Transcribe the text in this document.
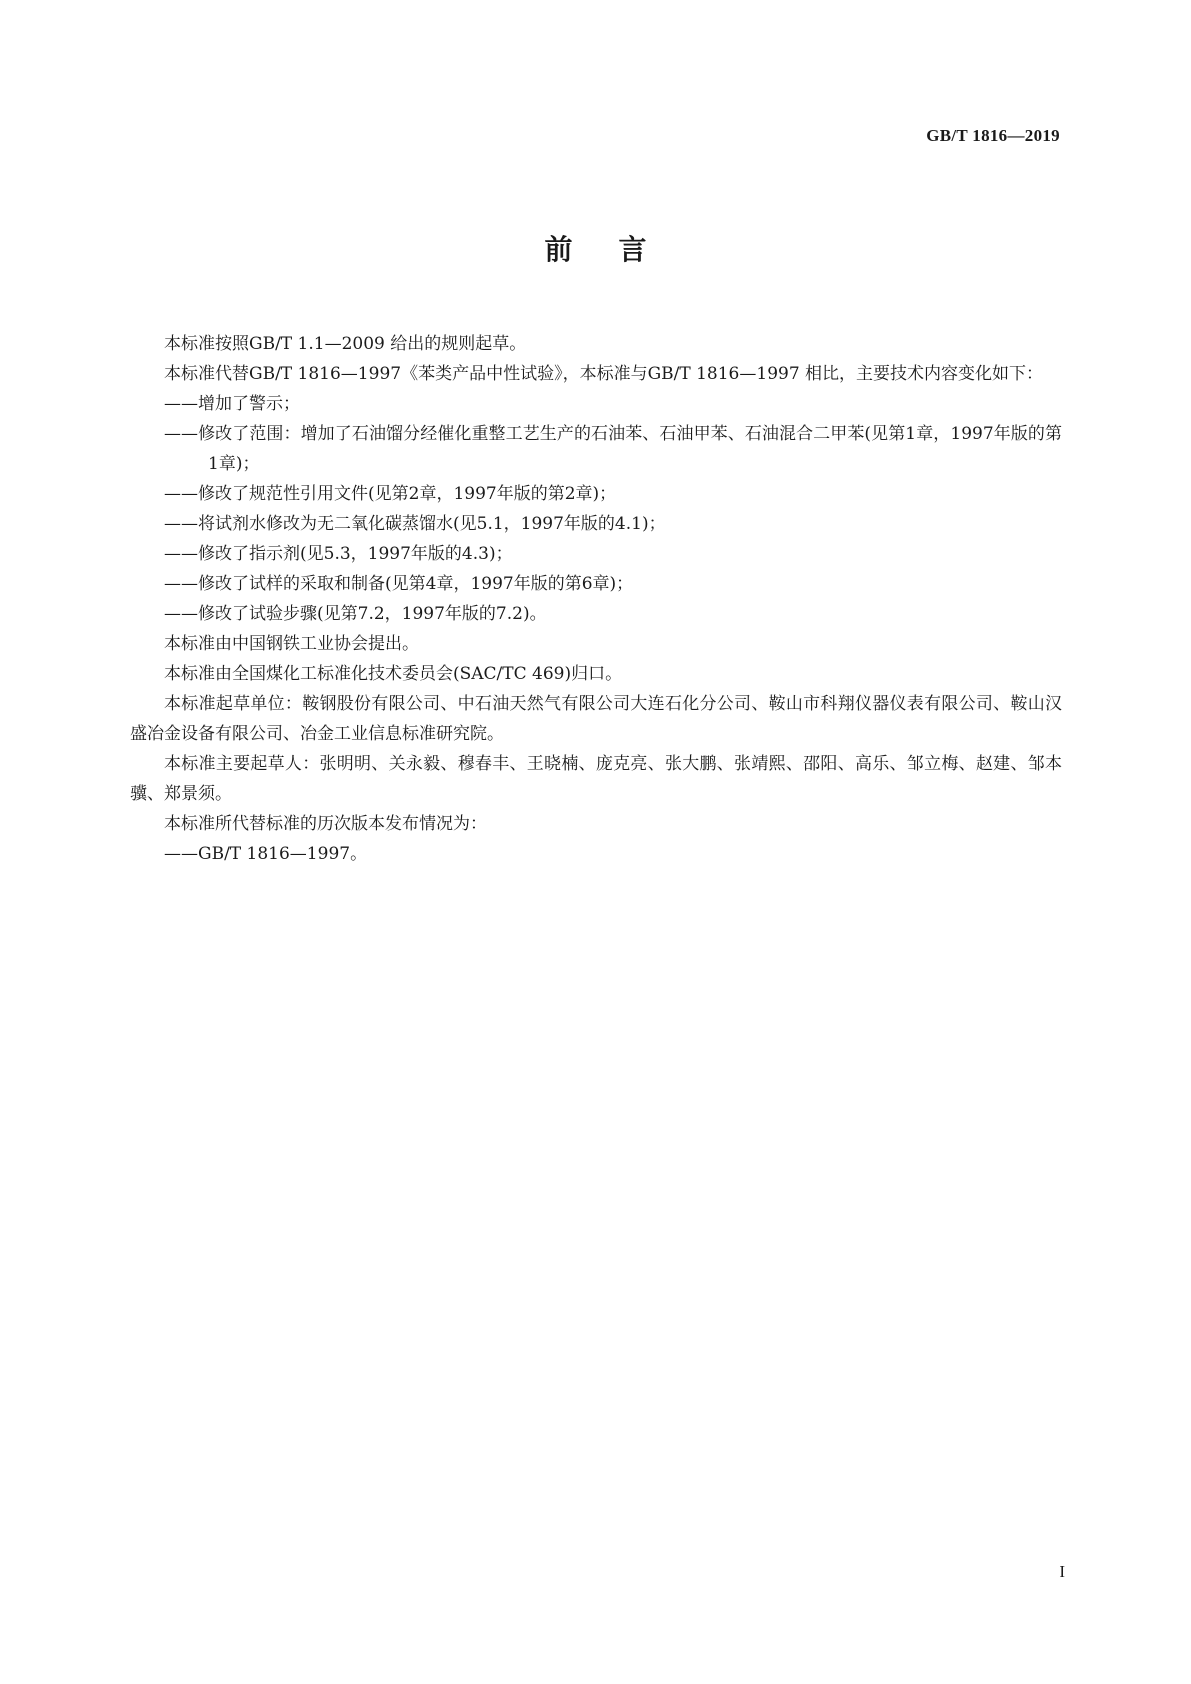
GB/T 1816—2019
前言

本标准按照GB/T 1.1—2009 给出的规则起草。

本标准代替GB/T 1816—1997《苯类产品中性试验》，本标准与GB/T 1816—1997 相比，主要技术内容变化如下：

——增加了警示；

——修改了范围：增加了石油馏分经催化重整工艺生产的石油苯、石油甲苯、石油混合二甲苯(见第1章，1997年版的第1章)；

——修改了规范性引用文件(见第2章，1997年版的第2章)；

——将试剂水修改为无二氧化碳蒸馏水(见5.1，1997年版的4.1)；

——修改了指示剂(见5.3，1997年版的4.3)；

——修改了试样的采取和制备(见第4章，1997年版的第6章)；

——修改了试验步骤(见第7.2，1997年版的7.2)。

本标准由中国钢铁工业协会提出。

本标准由全国煤化工标准化技术委员会(SAC/TC 469)归口。

本标准起草单位：鞍钢股份有限公司、中石油天然气有限公司大连石化分公司、鞍山市科翔仪器仪表有限公司、鞍山汉盛冶金设备有限公司、冶金工业信息标准研究院。

本标准主要起草人：张明明、关永毅、穆春丰、王晓楠、庞克亮、张大鹏、张靖熙、邵阳、高乐、邹立梅、赵建、邹本骥、郑景须。

本标准所代替标准的历次版本发布情况为：

——GB/T 1816—1997。

I
